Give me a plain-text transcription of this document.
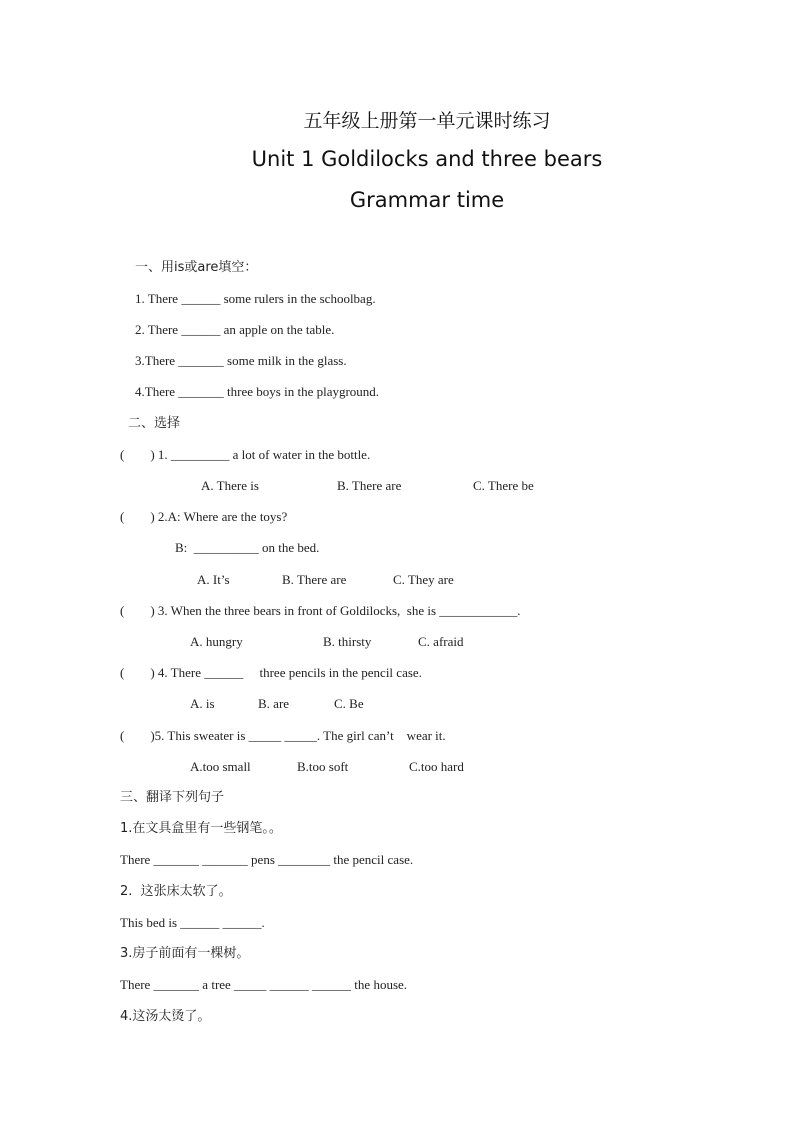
五年级上册第一单元课时练习
Unit 1 Goldilocks and three bears
Grammar time
一、用is或are填空：
1. There ______ some rulers in the schoolbag.
2. There ______ an apple on the table.
3.There _______ some milk in the glass.
4.There _______ three boys in the playground.
二、选择
(        ) 1. _________ a lot of water in the bottle.
A. There is	B. There are	C. There be
(        ) 2.A: Where are the toys?
B:  __________ on the bed.
A. It’s	B. There are	C. They are
(        ) 3. When the three bears in front of Goldilocks,  she is ____________.
A. hungry	B. thirsty	C. afraid
(        ) 4. There ______     three pencils in the pencil case.
A. is	B. are	C. Be
(        )5. This sweater is _____ _____. The girl can’t    wear it.
A.too small	B.too soft	C.too hard
三、翻译下列句子
1.在文具盒里有一些钢笔。。
There _______ _______ pens ________ the pencil case.
2.  这张床太软了。
This bed is ______ ______.
3.房子前面有一棵树。
There _______ a tree _____ ______ ______ the house.
4.这汤太烫了。
